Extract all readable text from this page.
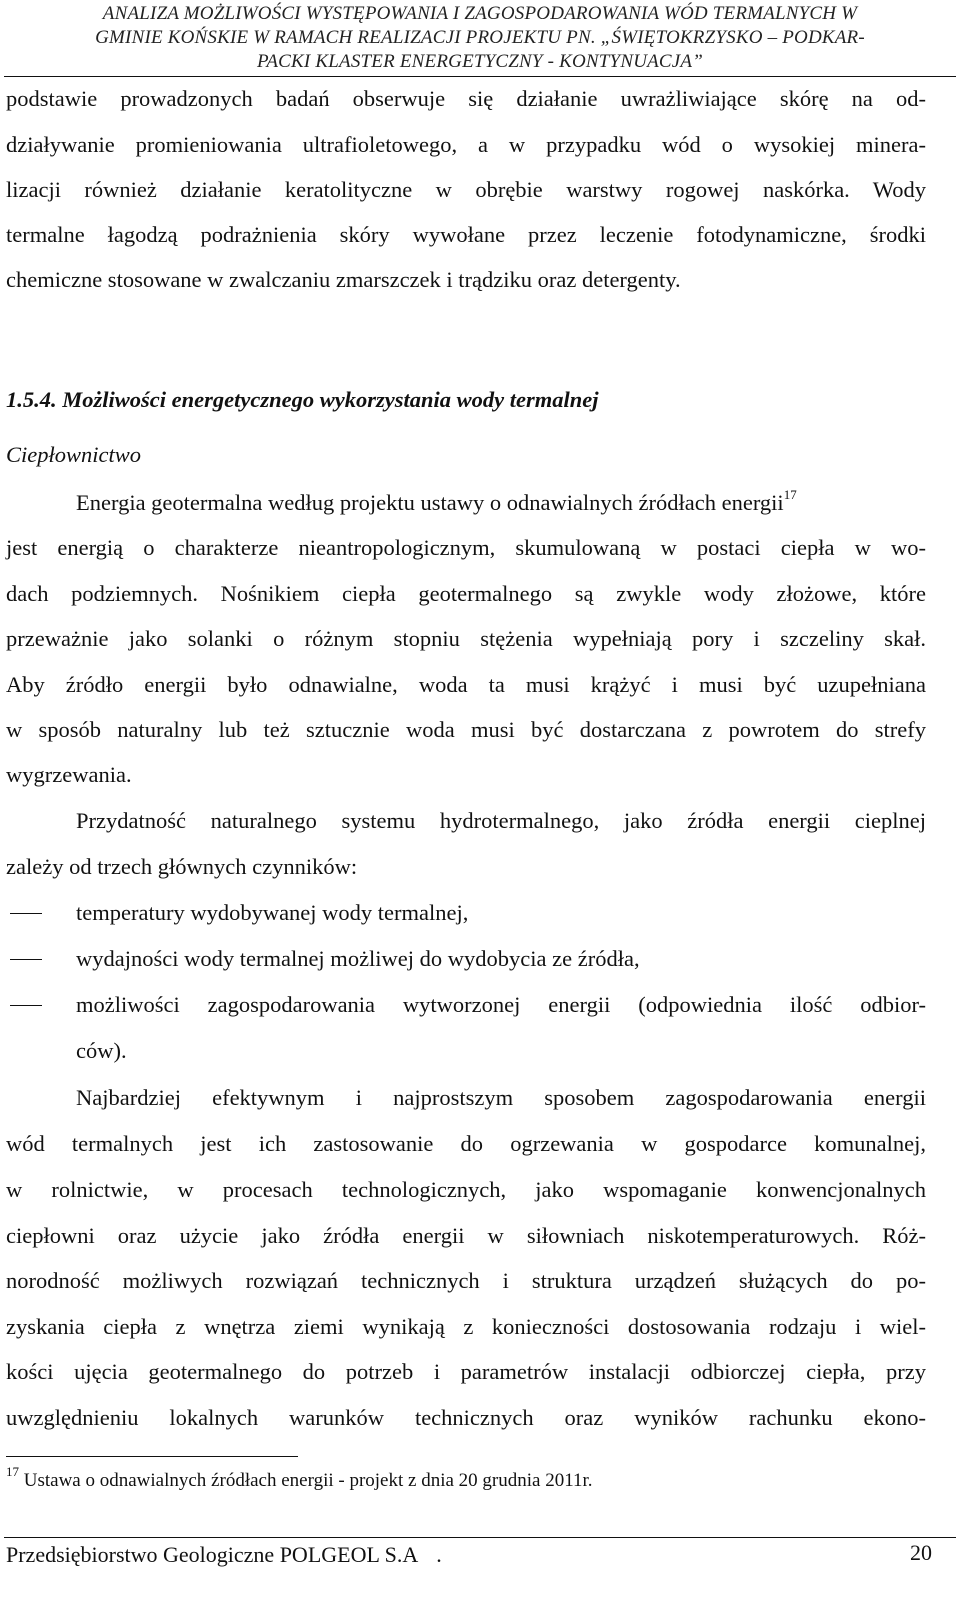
ANALIZA MOŻLIWOŚCI WYSTĘPOWANIA I ZAGOSPODAROWANIA WÓD TERMALNYCH W
GMINIE KOŃSKIE W RAMACH REALIZACJI PROJEKTU PN. „ŚWIĘTOKRZYSKO – PODKAR-
PACKI KLASTER ENERGETYCZNY - KONTYNUACJA”
podstawie prowadzonych badań obserwuje się działanie uwrażliwiające skórę na od-
działywanie promieniowania ultrafioletowego, a w przypadku wód o wysokiej minera-
lizacji również działanie keratolityczne w obrębie warstwy rogowej naskórka. Wody
termalne łagodzą podrażnienia skóry wywołane przez leczenie fotodynamiczne, środki
chemiczne stosowane w zwalczaniu zmarszczek i trądziku oraz detergenty.
1.5.4. Możliwości energetycznego wykorzystania wody termalnej
Ciepłownictwo
Energia geotermalna według projektu ustawy o odnawialnych źródłach energii$^{17}$
jest energią o charakterze nieantropologicznym, skumulowaną w postaci ciepła w wo-
dach podziemnych. Nośnikiem ciepła geotermalnego są zwykle wody złożowe, które
przeważnie jako solanki o różnym stopniu stężenia wypełniają pory i szczeliny skał.
Aby źródło energii było odnawialne, woda ta musi krążyć i musi być uzupełniana
w sposób naturalny lub też sztucznie woda musi być dostarczana z powrotem do strefy
wygrzewania.
Przydatność naturalnego systemu hydrotermalnego, jako źródła energii cieplnej
zależy od trzech głównych czynników:
temperatury wydobywanej wody termalnej,
wydajności wody termalnej możliwej do wydobycia ze źródła,
możliwości zagospodarowania wytworzonej energii (odpowiednia ilość odbior-
ców).
Najbardziej efektywnym i najprostszym sposobem zagospodarowania energii
wód termalnych jest ich zastosowanie do ogrzewania w gospodarce komunalnej,
w rolnictwie, w procesach technologicznych, jako wspomaganie konwencjonalnych
ciepłowni oraz użycie jako źródła energii w siłowniach niskotemperaturowych. Róż-
norodność możliwych rozwiązań technicznych i struktura urządzeń służących do po-
zyskania ciepła z wnętrza ziemi wynikają z konieczności dostosowania rodzaju i wiel-
kości ujęcia geotermalnego do potrzeb i parametrów instalacji odbiorczej ciepła, przy
uwzględnieniu lokalnych warunków technicznych oraz wyników rachunku ekono-
$^{17}$ Ustawa o odnawialnych źródłach energii - projekt z dnia 20 grudnia 2011r.
Przedsiębiorstwo Geologiczne POLGEOL S.A .	20
